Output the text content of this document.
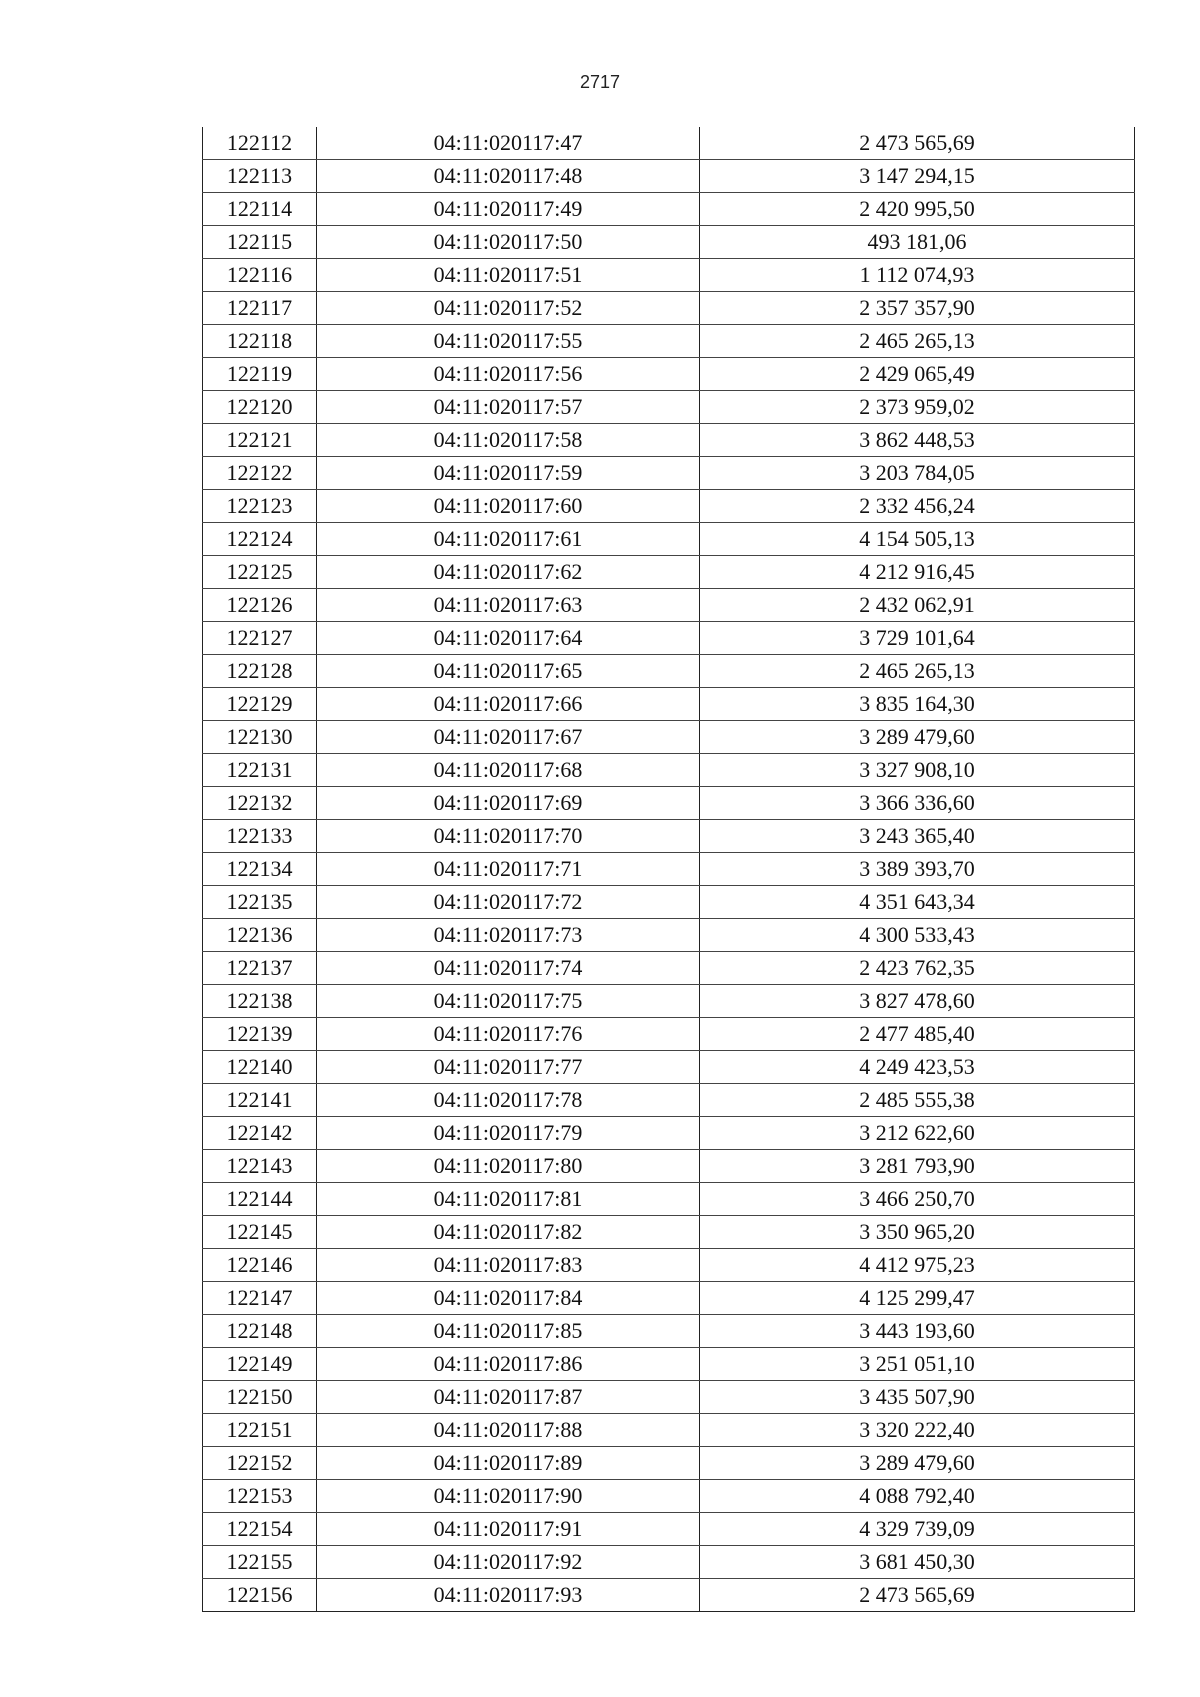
2717
122112	04:11:020117:47	2 473 565,69
122113	04:11:020117:48	3 147 294,15
122114	04:11:020117:49	2 420 995,50
122115	04:11:020117:50	493 181,06
122116	04:11:020117:51	1 112 074,93
122117	04:11:020117:52	2 357 357,90
122118	04:11:020117:55	2 465 265,13
122119	04:11:020117:56	2 429 065,49
122120	04:11:020117:57	2 373 959,02
122121	04:11:020117:58	3 862 448,53
122122	04:11:020117:59	3 203 784,05
122123	04:11:020117:60	2 332 456,24
122124	04:11:020117:61	4 154 505,13
122125	04:11:020117:62	4 212 916,45
122126	04:11:020117:63	2 432 062,91
122127	04:11:020117:64	3 729 101,64
122128	04:11:020117:65	2 465 265,13
122129	04:11:020117:66	3 835 164,30
122130	04:11:020117:67	3 289 479,60
122131	04:11:020117:68	3 327 908,10
122132	04:11:020117:69	3 366 336,60
122133	04:11:020117:70	3 243 365,40
122134	04:11:020117:71	3 389 393,70
122135	04:11:020117:72	4 351 643,34
122136	04:11:020117:73	4 300 533,43
122137	04:11:020117:74	2 423 762,35
122138	04:11:020117:75	3 827 478,60
122139	04:11:020117:76	2 477 485,40
122140	04:11:020117:77	4 249 423,53
122141	04:11:020117:78	2 485 555,38
122142	04:11:020117:79	3 212 622,60
122143	04:11:020117:80	3 281 793,90
122144	04:11:020117:81	3 466 250,70
122145	04:11:020117:82	3 350 965,20
122146	04:11:020117:83	4 412 975,23
122147	04:11:020117:84	4 125 299,47
122148	04:11:020117:85	3 443 193,60
122149	04:11:020117:86	3 251 051,10
122150	04:11:020117:87	3 435 507,90
122151	04:11:020117:88	3 320 222,40
122152	04:11:020117:89	3 289 479,60
122153	04:11:020117:90	4 088 792,40
122154	04:11:020117:91	4 329 739,09
122155	04:11:020117:92	3 681 450,30
122156	04:11:020117:93	2 473 565,69
